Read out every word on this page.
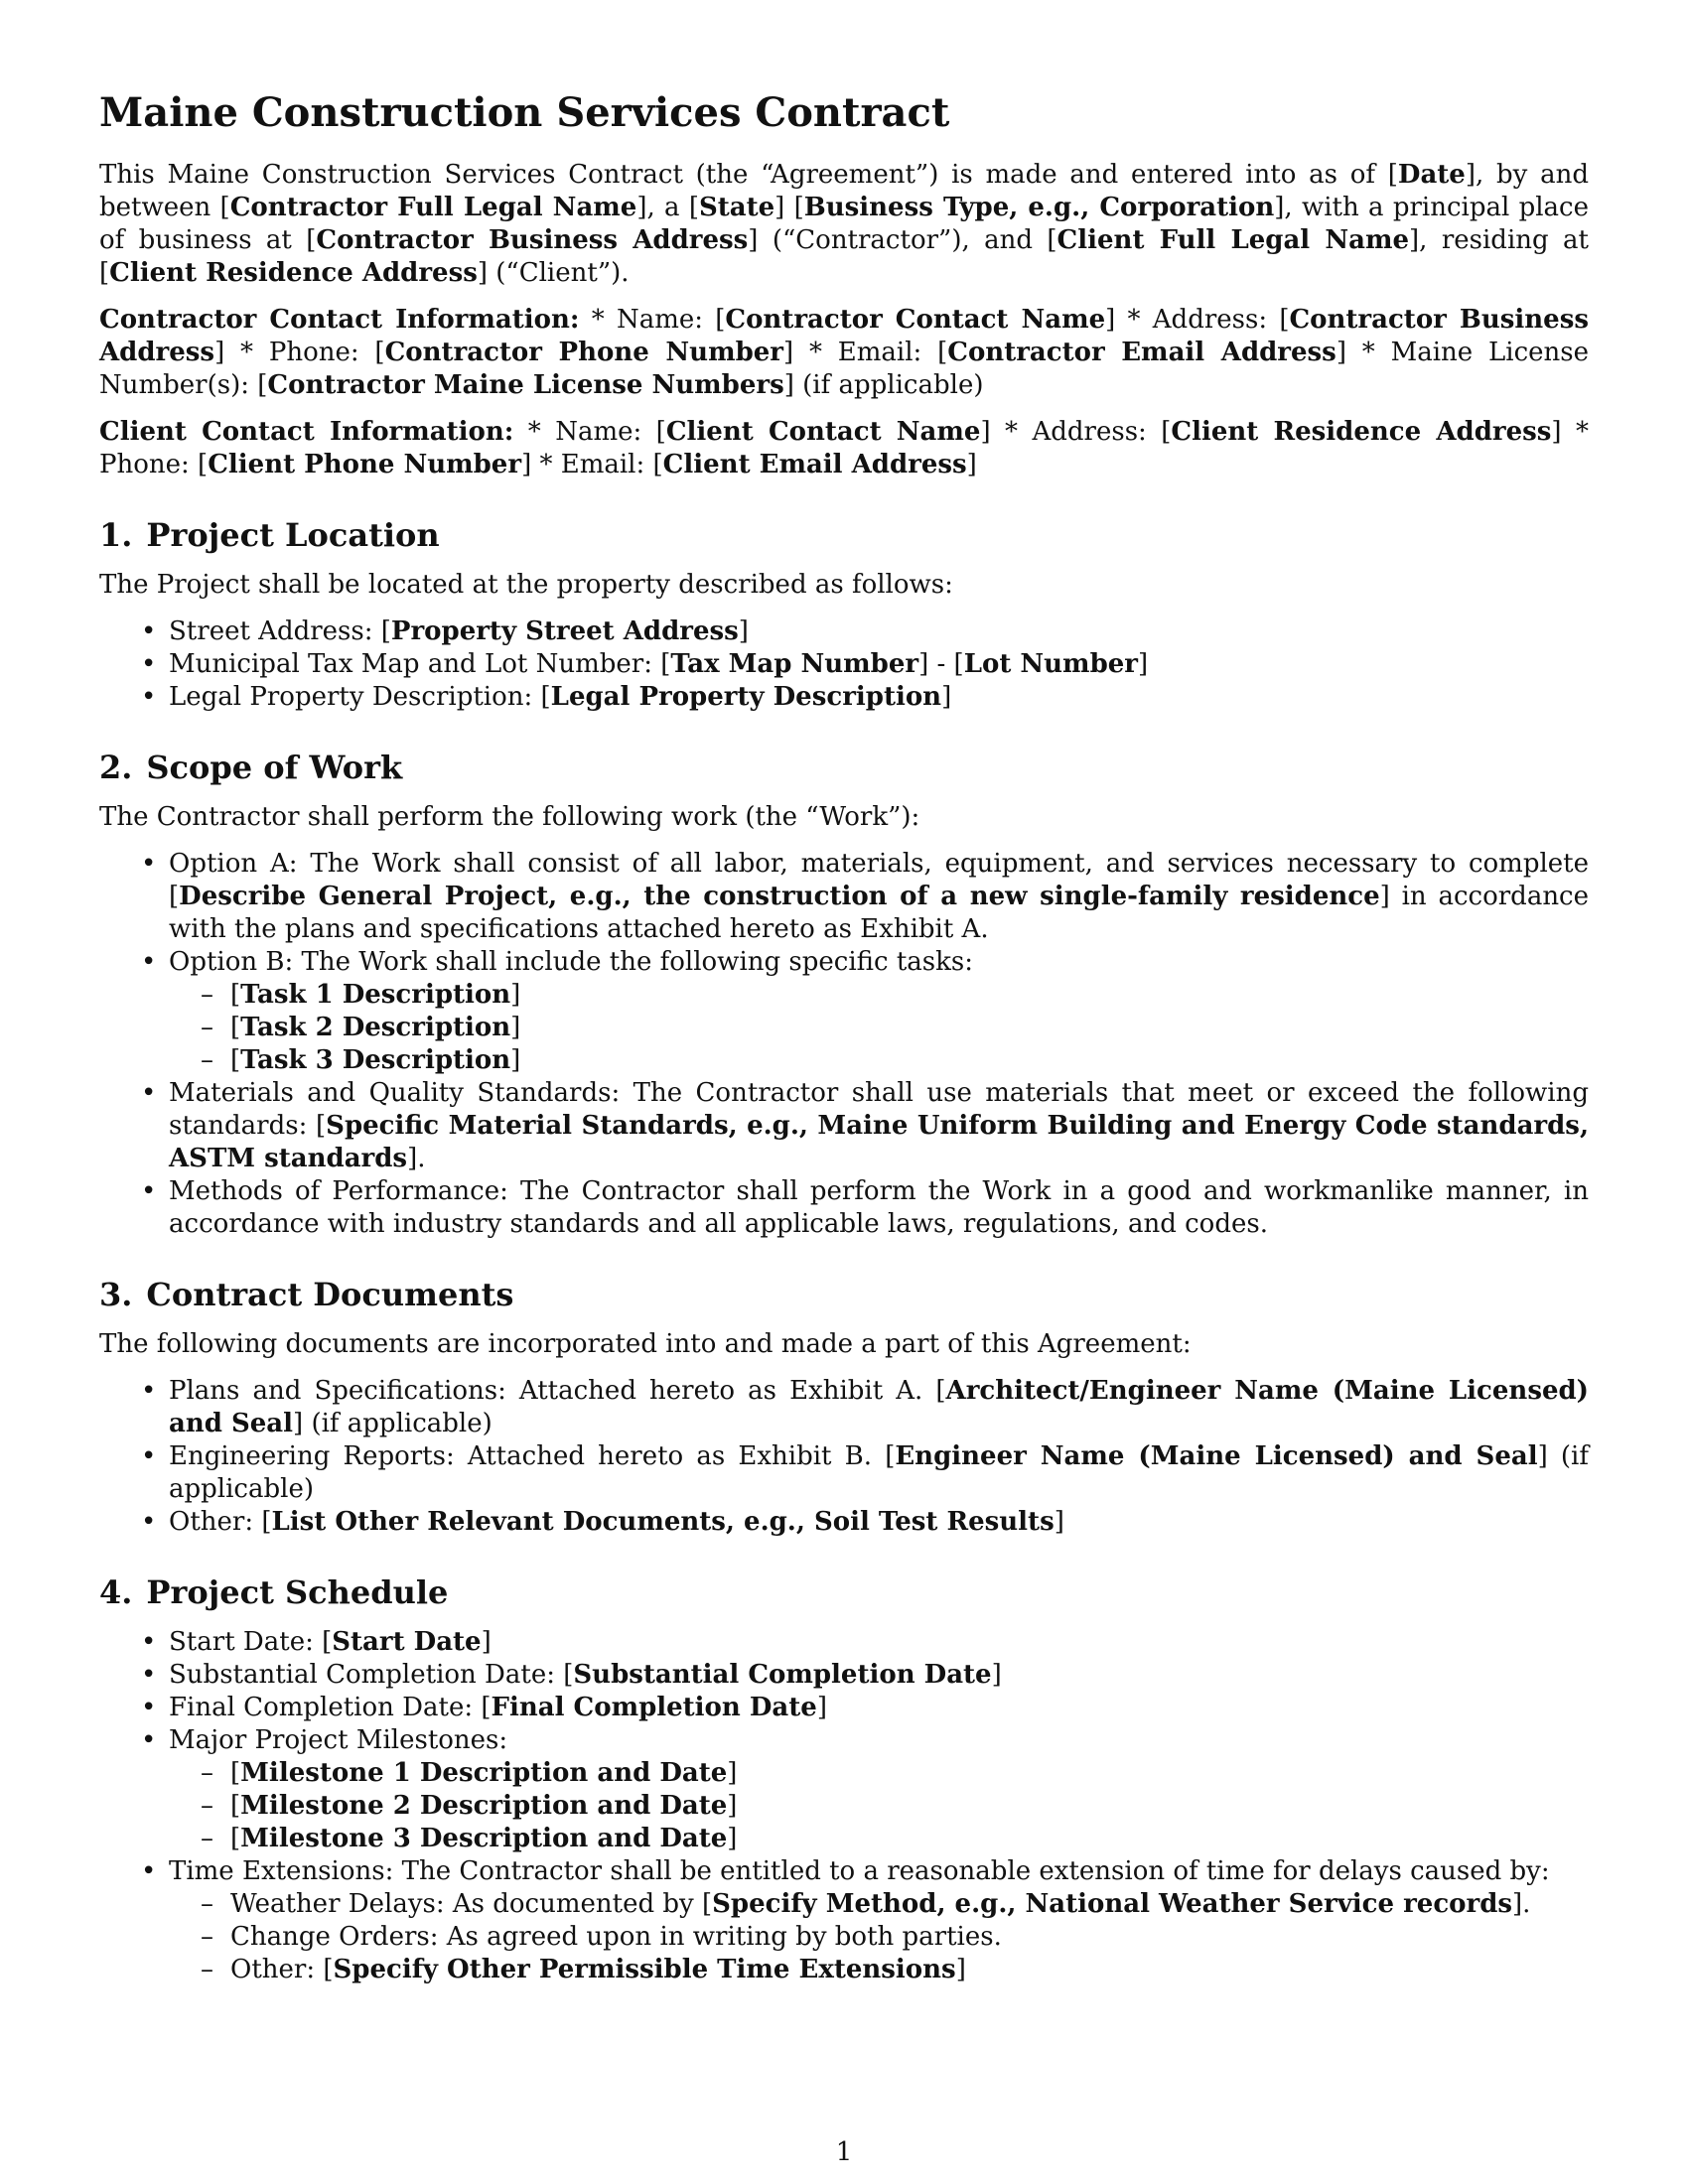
Maine Construction Services Contract

This Maine Construction Services Contract (the “Agreement”) is made and entered into as of [Date], by and between [Contractor Full Legal Name], a [State] [Business Type, e.g., Corporation], with a principal place of business at [Contractor Business Address] (“Contractor”), and [Client Full Legal Name], residing at [Client Residence Address] (“Client”).

Contractor Contact Information: * Name: [Contractor Contact Name] * Address: [Contractor Business Address] * Phone: [Contractor Phone Number] * Email: [Contractor Email Address] * Maine License Number(s): [Contractor Maine License Numbers] (if applicable)

Client Contact Information: * Name: [Client Contact Name] * Address: [Client Residence Address] * Phone: [Client Phone Number] * Email: [Client Email Address]

1. Project Location

The Project shall be located at the property described as follows:

• Street Address: [Property Street Address]
• Municipal Tax Map and Lot Number: [Tax Map Number] - [Lot Number]
• Legal Property Description: [Legal Property Description]
2. Scope of Work

The Contractor shall perform the following work (the “Work”):

• Option A: The Work shall consist of all labor, materials, equipment, and services necessary to complete [Describe General Project, e.g., the construction of a new single-family residence] in accordance with the plans and specifications attached hereto as Exhibit A.
• Option B: The Work shall include the following specific tasks:
– [Task 1 Description]
– [Task 2 Description]
– [Task 3 Description]
• Materials and Quality Standards: The Contractor shall use materials that meet or exceed the following standards: [Specific Material Standards, e.g., Maine Uniform Building and Energy Code standards, ASTM standards].
• Methods of Performance: The Contractor shall perform the Work in a good and workmanlike manner, in accordance with industry standards and all applicable laws, regulations, and codes.
3. Contract Documents

The following documents are incorporated into and made a part of this Agreement:

• Plans and Specifications: Attached hereto as Exhibit A. [Architect/Engineer Name (Maine Licensed) and Seal] (if applicable)
• Engineering Reports: Attached hereto as Exhibit B. [Engineer Name (Maine Licensed) and Seal] (if applicable)
• Other: [List Other Relevant Documents, e.g., Soil Test Results]
4. Project Schedule
• Start Date: [Start Date]
• Substantial Completion Date: [Substantial Completion Date]
• Final Completion Date: [Final Completion Date]
• Major Project Milestones:
– [Milestone 1 Description and Date]
– [Milestone 2 Description and Date]
– [Milestone 3 Description and Date]
• Time Extensions: The Contractor shall be entitled to a reasonable extension of time for delays caused by:
– Weather Delays: As documented by [Specify Method, e.g., National Weather Service records].
– Change Orders: As agreed upon in writing by both parties.
– Other: [Specify Other Permissible Time Extensions]
1
